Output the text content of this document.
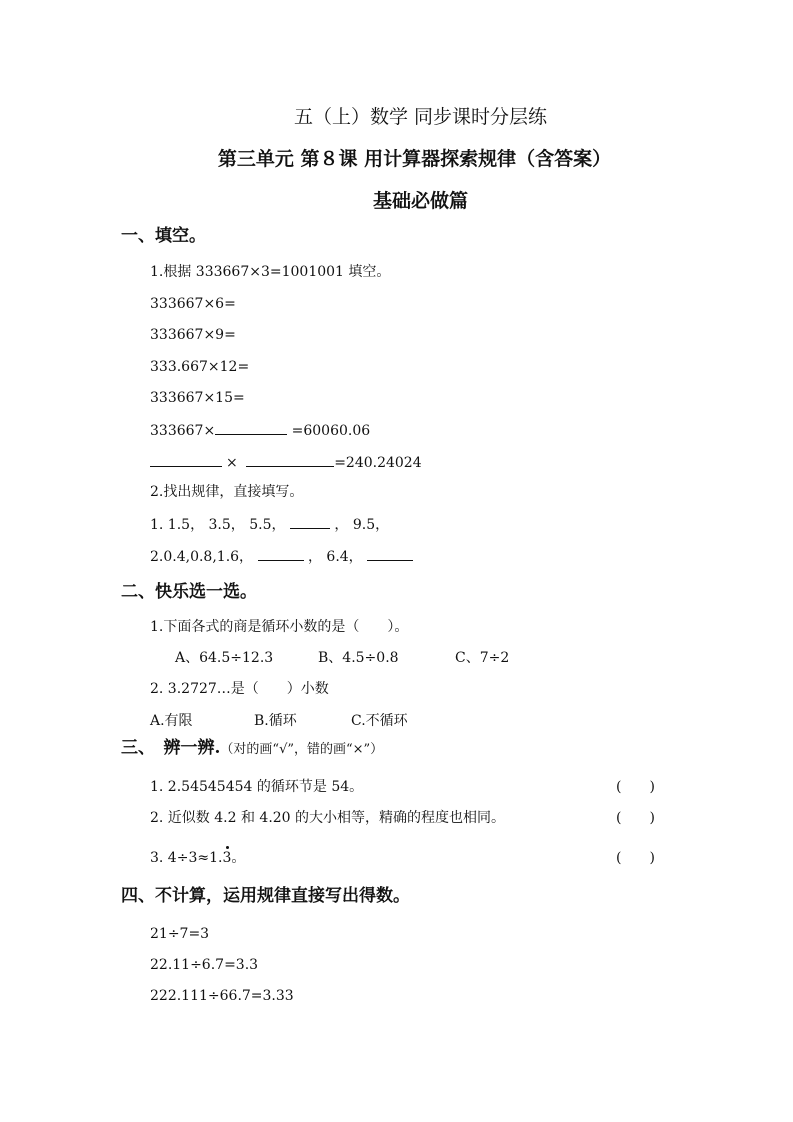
五（上）数学 同步课时分层练
第三单元 第８课 用计算器探索规律（含答案）
基础必做篇
一、填空。
1.根据 333667×3=1001001 填空。
333667×6=
333667×9=
333.667×12=
333667×15=
333667×	=60060.06
×	=240.24024
2.找出规律，直接填写。
1. 1.5， 3.5， 5.5，	， 9.5，
2.0.4,0.8,1.6，	， 6.4，
二、快乐选一选。
1.下面各式的商是循环小数的是（　　）。
A、64.5÷12.3	B、4.5÷0.8	C、7÷2
2. 3.2727…是（　　）小数
A.有限	B.循环	C.不循环
三、　辨一辨.（对的画“√”，错的画“×”）
1. 2.54545454 的循环节是 54。	(　　)
2. 近似数 4.2 和 4.20 的大小相等，精确的程度也相同。	(　　)
3. 4÷3≈1.3。	(　　)
四、不计算，运用规律直接写出得数。
21÷7=3
22.11÷6.7=3.3
222.111÷66.7=3.33
